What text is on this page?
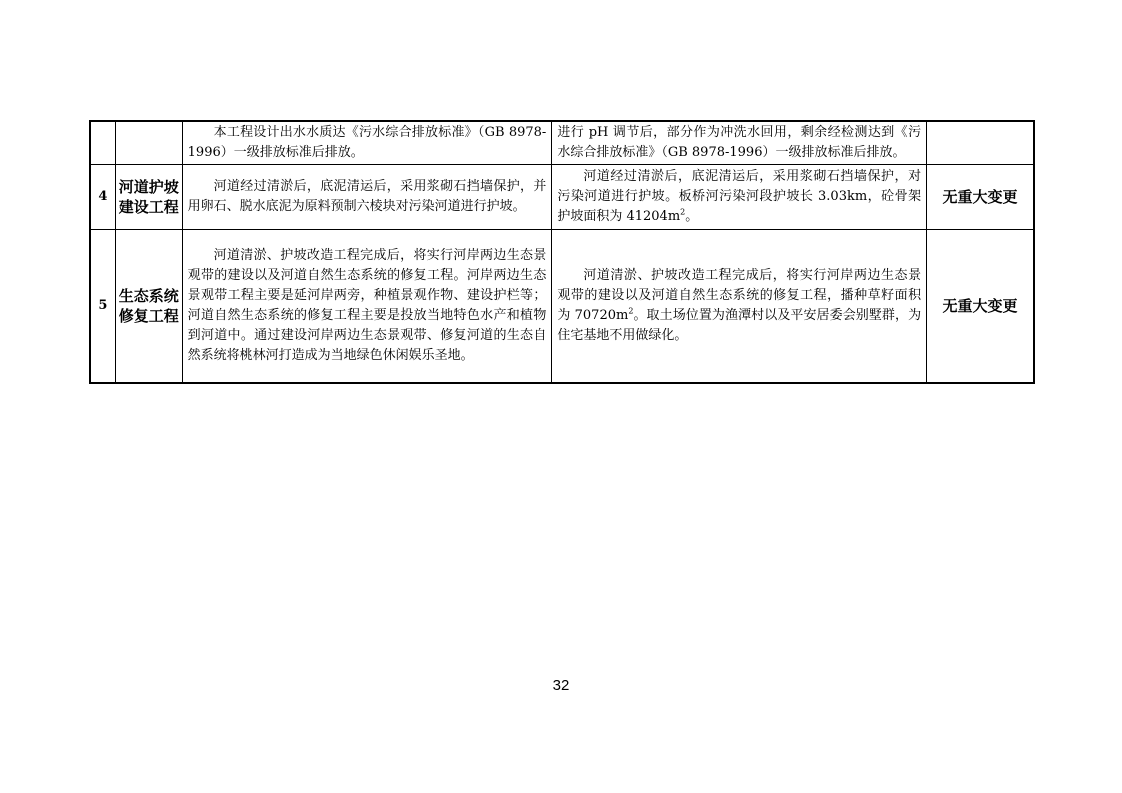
		本工程设计出水水质达《污水综合排放标准》（GB 8978-1996）一级排放标准后排放。	进行 pH 调节后，部分作为冲洗水回用，剩余经检测达到《污水综合排放标准》（GB 8978-1996）一级排放标准后排放。	

4	河道护坡建设工程	河道经过清淤后，底泥清运后，采用浆砌石挡墙保护，并用卵石、脱水底泥为原料预制六棱块对污染河道进行护坡。	河道经过清淤后，底泥清运后，采用浆砌石挡墙保护，对污染河道进行护坡。板桥河污染河段护坡长 3.03km，砼骨架护坡面积为 $41204m^2$。	无重大变更
5	生态系统修复工程	河道清淤、护坡改造工程完成后，将实行河岸两边生态景观带的建设以及河道自然生态系统的修复工程。河岸两边生态景观带工程主要是延河岸两旁，种植景观作物、建设护栏等；河道自然生态系统的修复工程主要是投放当地特色水产和植物到河道中。通过建设河岸两边生态景观带、修复河道的生态自然系统将桃林河打造成为当地绿色休闲娱乐圣地。	河道清淤、护坡改造工程完成后，将实行河岸两边生态景观带的建设以及河道自然生态系统的修复工程，播种草籽面积为 $70720m^2$。取土场位置为渔潭村以及平安居委会别墅群，为住宅基地不用做绿化。	无重大变更
32
